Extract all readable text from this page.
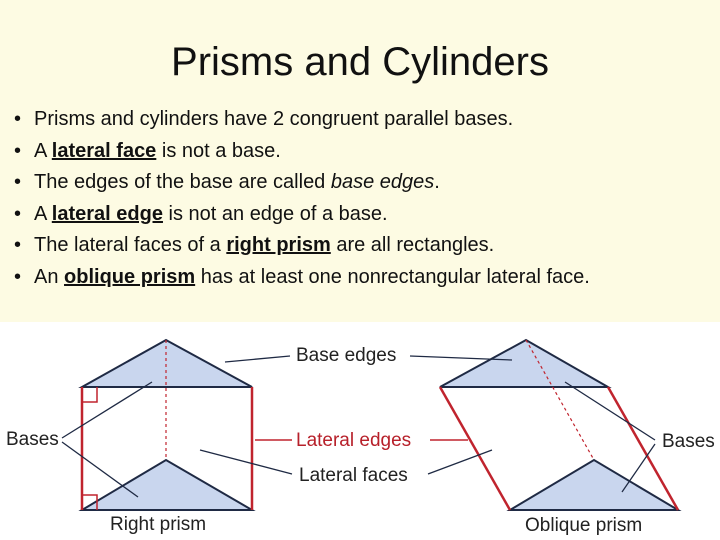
Prisms and Cylinders
• Prisms and cylinders have 2 congruent parallel bases.
• A lateral face is not a base.
• The edges of the base are called base edges.
• A lateral edge is not an edge of a base.
• The lateral faces of a right prism are all rectangles.
• An oblique prism has at least one nonrectangular lateral face.
Base edges
Bases	Lateral edges
Lateral faces
Bases
Right prism	Oblique prism
